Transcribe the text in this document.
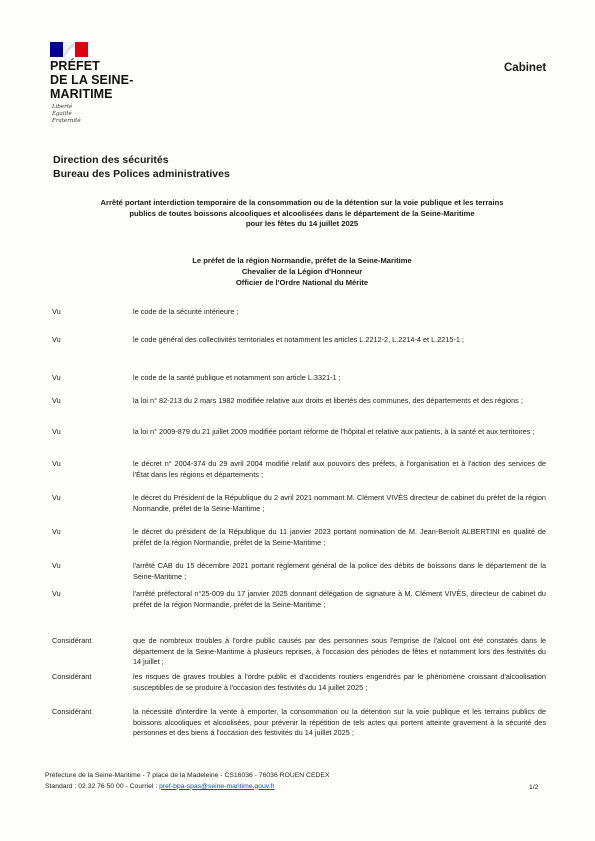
PRÉFET
DE LA SEINE-
MARITIME
Liberté
Égalité
Fraternité
Cabinet
Direction des sécurités
Bureau des Polices administratives
Arrêté portant interdiction temporaire de la consommation ou de la détention sur la voie publique et les terrains
publics de toutes boissons alcooliques et alcoolisées dans le département de la Seine-Maritime
pour les fêtes du 14 juillet 2025
Le préfet de la région Normandie, préfet de la Seine-Maritime
Chevalier de la Légion d'Honneur
Officier de l'Ordre National du Mérite
Vu	le code de la sécurité intérieure ;
Vu	le code général des collectivités territoriales et notamment les articles L.2212-2, L.2214-4 et L.2215-1 ;
Vu	le code de la santé publique et notamment son article L.3321-1 ;
Vu	la loi n° 82-213 du 2 mars 1982 modifiée relative aux droits et libertés des communes, des départements et des régions ;
Vu	la loi n° 2009-879 du 21 juillet 2009 modifiée portant réforme de l'hôpital et relative aux patients, à la santé et aux territoires ;
Vu	le décret n° 2004-374 du 29 avril 2004 modifié relatif aux pouvoirs des préfets, à l'organisation et à l'action des services de l'État dans les régions et départements ;
Vu	le décret du Président de la République du 2 avril 2021 nommant M. Clément VIVÈS directeur de cabinet du préfet de la région Normandie, préfet de la Seine-Maritime ;
Vu	le décret du président de la République du 11 janvier 2023 portant nomination de M. Jean-Benoît ALBERTINI en qualité de préfet de la région Normandie, préfet de la Seine-Maritime ;
Vu	l'arrêté CAB du 15 décembre 2021 portant règlement général de la police des débits de boissons dans le département de la Seine-Maritime ;
Vu	l'arrêté préfectoral n°25-009 du 17 janvier 2025 donnant délégation de signature à M. Clément VIVÈS, directeur de cabinet du préfet de la région Normandie, préfet de la Seine-Maritime ;
Considérant	que de nombreux troubles à l'ordre public causés par des personnes sous l'emprise de l'alcool ont été constatés dans le département de la Seine-Maritime à plusieurs reprises, à l'occasion des périodes de fêtes et notamment lors des festivités du 14 juillet ;
Considérant	les risques de graves troubles à l'ordre public et d'accidents routiers engendrés par le phénomène croissant d'alcoolisation susceptibles de se produire à l'occasion des festivités du 14 juillet 2025 ;
Considérant	la nécessité d'interdire la vente à emporter, la consommation ou la détention sur la voie publique et les terrains publics de boissons alcooliques et alcoolisées, pour prévenir la répétition de tels actes qui portent atteinte gravement à la sécurité des personnes et des biens à l'occasion des festivités du 14 juillet 2025 ;
Préfecture de la Seine-Maritime - 7 place de la Madeleine - CS16036 - 76036 ROUEN CEDEX
Standard : 02 32 76 50 00 - Courriel : pref-bpa-spas@seine-maritime.gouv.fr	1/2
